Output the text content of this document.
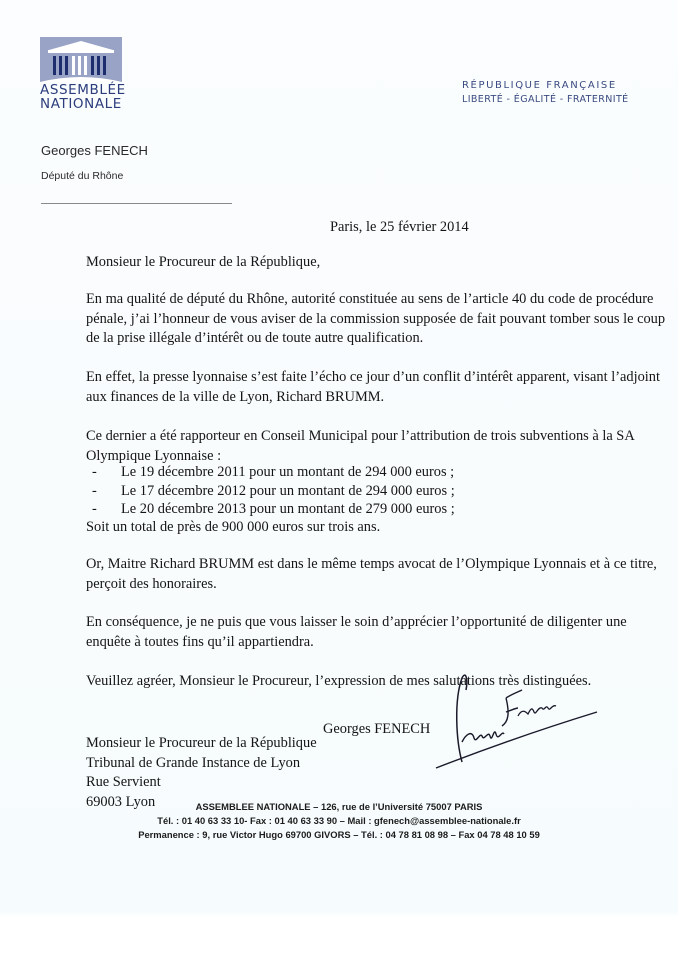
ASSEMBLÉE
NATIONALE
RÉPUBLIQUE FRANÇAISE
LIBERTÉ - ÉGALITÉ - FRATERNITÉ
Georges FENECH
Député du Rhône
Paris, le 25 février 2014
Monsieur le Procureur de la République,
En ma qualité de député du Rhône, autorité constituée au sens de l’article 40 du code de procédure pénale, j’ai l’honneur de vous aviser de la commission supposée de fait pouvant tomber sous le coup de la prise illégale d’intérêt ou de toute autre qualification.
En effet, la presse lyonnaise s’est faite l’écho ce jour d’un conflit d’intérêt apparent, visant l’adjoint aux finances de la ville de Lyon, Richard BRUMM.
Ce dernier a été rapporteur en Conseil Municipal pour l’attribution de trois subventions à la SA Olympique Lyonnaise :
- Le 19 décembre 2011 pour un montant de 294 000 euros ;
- Le 17 décembre 2012 pour un montant de 294 000 euros ;
- Le 20 décembre 2013 pour un montant de 279 000 euros ;
Soit un total de près de 900 000 euros sur trois ans.
Or, Maitre Richard BRUMM est dans le même temps avocat de l’Olympique Lyonnais et à ce titre, perçoit des honoraires.
En conséquence, je ne puis que vous laisser le soin d’apprécier l’opportunité de diligenter une enquête à toutes fins qu’il appartiendra.
Veuillez agréer, Monsieur le Procureur, l’expression de mes salutations très distinguées.
Georges FENECH
Monsieur le Procureur de la République
Tribunal de Grande Instance de Lyon
Rue Servient
69003 Lyon	ASSEMBLEE NATIONALE – 126, rue de l’Université 75007 PARIS
Tél. : 01 40 63 33 10- Fax : 01 40 63 33 90 – Mail : gfenech@assemblee-nationale.fr
Permanence : 9, rue Victor Hugo 69700 GIVORS – Tél. : 04 78 81 08 98 – Fax 04 78 48 10 59
